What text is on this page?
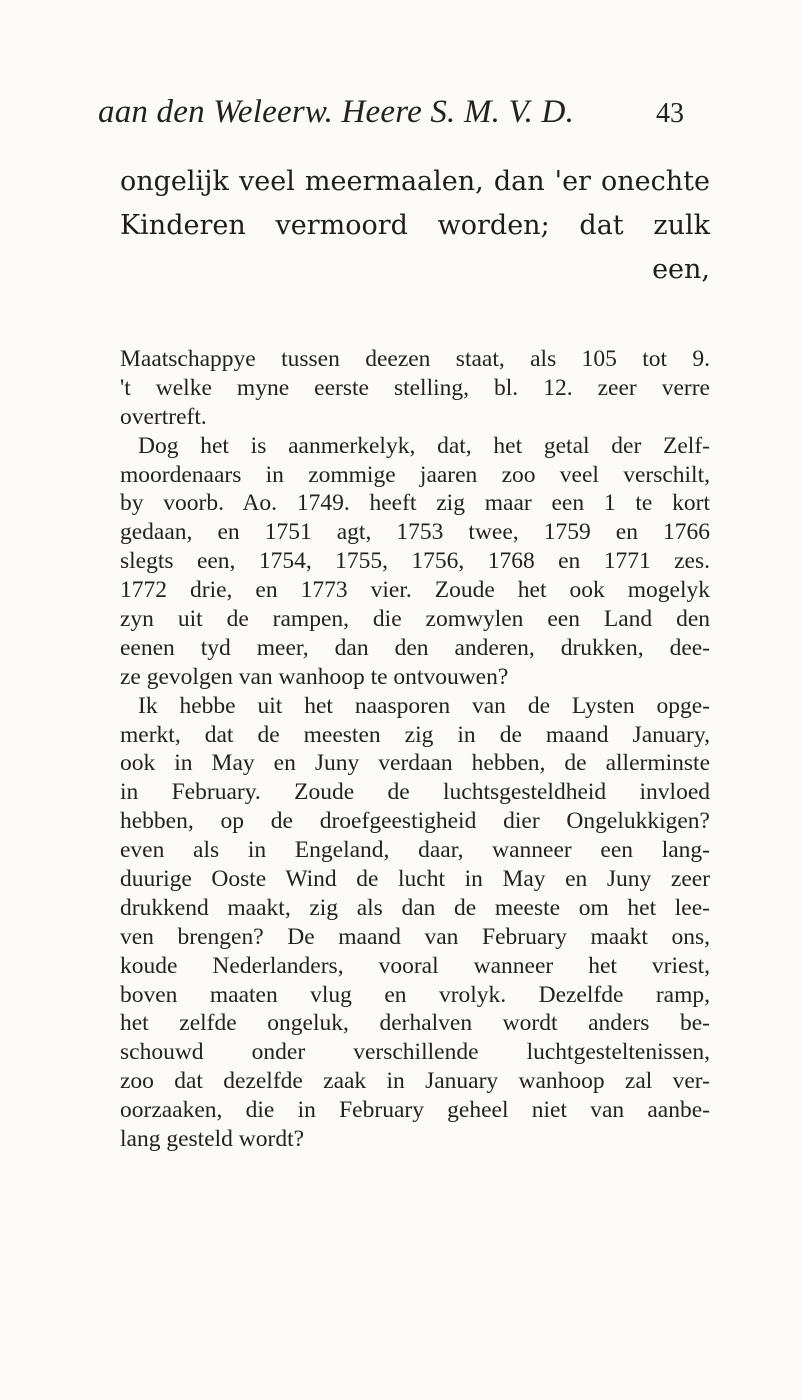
aan den Weleerw. Heere S. M. V. D.	43
ongelijk veel meermaalen, dan 'er onechte
Kinderen vermoord worden; dat zulk
een,
Maatschappye tussen deezen staat, als 105 tot 9.
't welke myne eerste stelling, bl. 12. zeer verre
overtreft.
Dog het is aanmerkelyk, dat, het getal der Zelf-
moordenaars in zommige jaaren zoo veel verschilt,
by voorb. Ao. 1749. heeft zig maar een 1 te kort
gedaan, en 1751 agt, 1753 twee, 1759 en 1766
slegts een, 1754, 1755, 1756, 1768 en 1771 zes.
1772 drie, en 1773 vier. Zoude het ook mogelyk
zyn uit de rampen, die zomwylen een Land den
eenen tyd meer, dan den anderen, drukken, dee-
ze gevolgen van wanhoop te ontvouwen?
Ik hebbe uit het naasporen van de Lysten opge-
merkt, dat de meesten zig in de maand January,
ook in May en Juny verdaan hebben, de allerminste
in February. Zoude de luchtsgesteldheid invloed
hebben, op de droefgeestigheid dier Ongelukkigen?
even als in Engeland, daar, wanneer een lang-
duurige Ooste Wind de lucht in May en Juny zeer
drukkend maakt, zig als dan de meeste om het lee-
ven brengen? De maand van February maakt ons,
koude Nederlanders, vooral wanneer het vriest,
boven maaten vlug en vrolyk. Dezelfde ramp,
het zelfde ongeluk, derhalven wordt anders be-
schouwd onder verschillende luchtgesteltenissen,
zoo dat dezelfde zaak in January wanhoop zal ver-
oorzaaken, die in February geheel niet van aanbe-
lang gesteld wordt?
